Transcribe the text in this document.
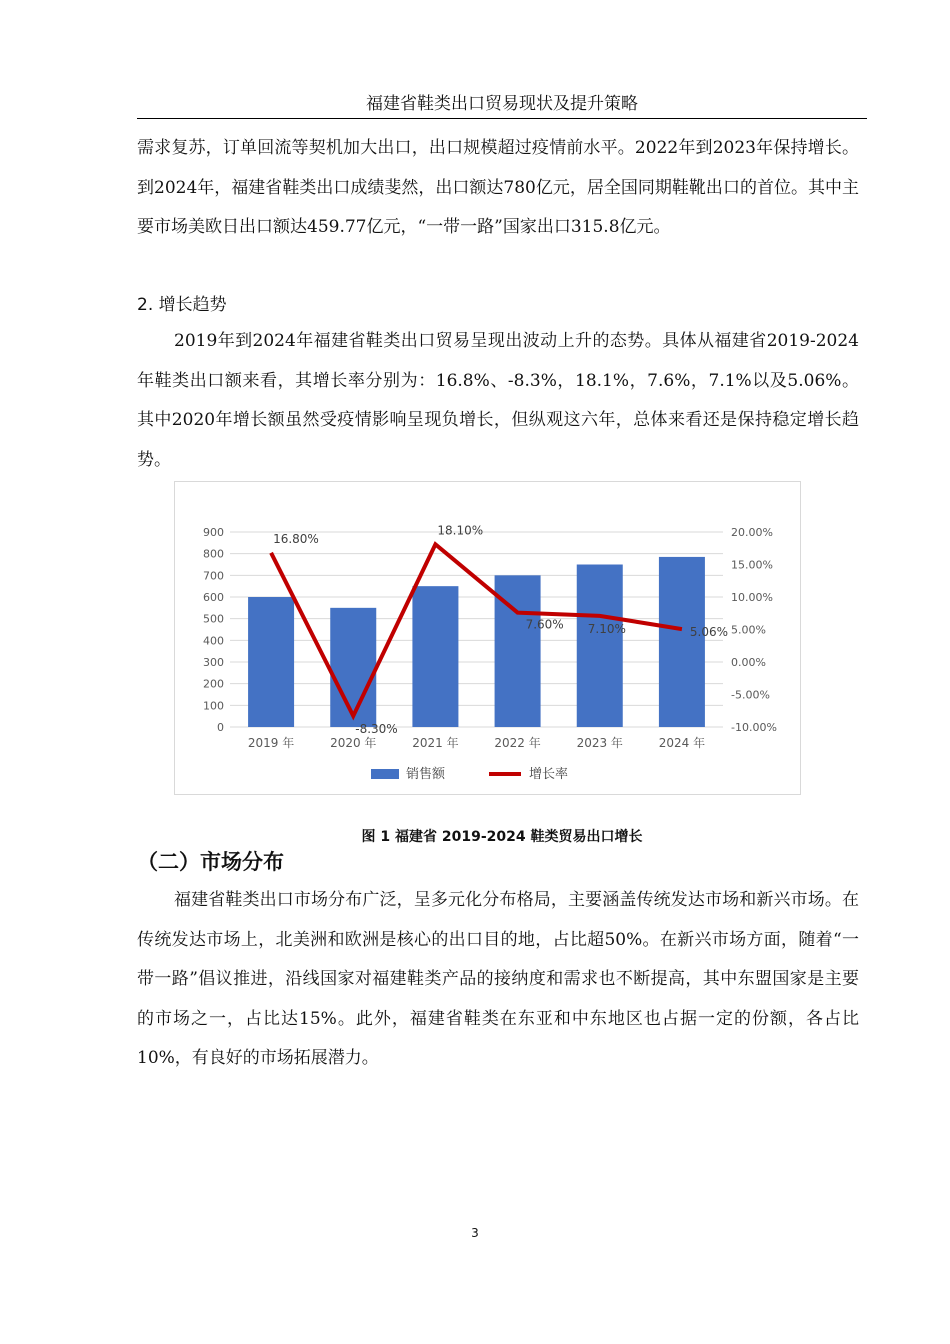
福建省鞋类出口贸易现状及提升策略

需求复苏，订单回流等契机加大出口，出口规模超过疫情前水平。2022年到2023年保持增长。到2024年，福建省鞋类出口成绩斐然，出口额达780亿元，居全国同期鞋靴出口的首位。其中主要市场美欧日出口额达459.77亿元，“一带一路”国家出口315.8亿元。

2. 增长趋势

2019年到2024年福建省鞋类出口贸易呈现出波动上升的态势。具体从福建省2019-2024年鞋类出口额来看，其增长率分别为：16.8%、-8.3%，18.1%，7.6%，7.1%以及5.06%。其中2020年增长额虽然受疫情影响呈现负增长，但纵观这六年，总体来看还是保持稳定增长趋势。

0
100
200
300
400
500
600
700
800
900
-10.00%
-5.00%
0.00%
5.00%
10.00%
15.00%
20.00%
2019 年	2020 年	2021 年	2022 年	2023 年	2024 年
16.80%
-8.30%
18.10%
7.60% 7.10%	5.06%
销售额	增长率
图 1 福建省 2019-2024 鞋类贸易出口增长
（二）市场分布

福建省鞋类出口市场分布广泛，呈多元化分布格局，主要涵盖传统发达市场和新兴市场。在传统发达市场上，北美洲和欧洲是核心的出口目的地，占比超50%。在新兴市场方面，随着“一带一路”倡议推进，沿线国家对福建鞋类产品的接纳度和需求也不断提高，其中东盟国家是主要的市场之一，占比达15%。此外，福建省鞋类在东亚和中东地区也占据一定的份额，各占比10%，有良好的市场拓展潜力。

3
